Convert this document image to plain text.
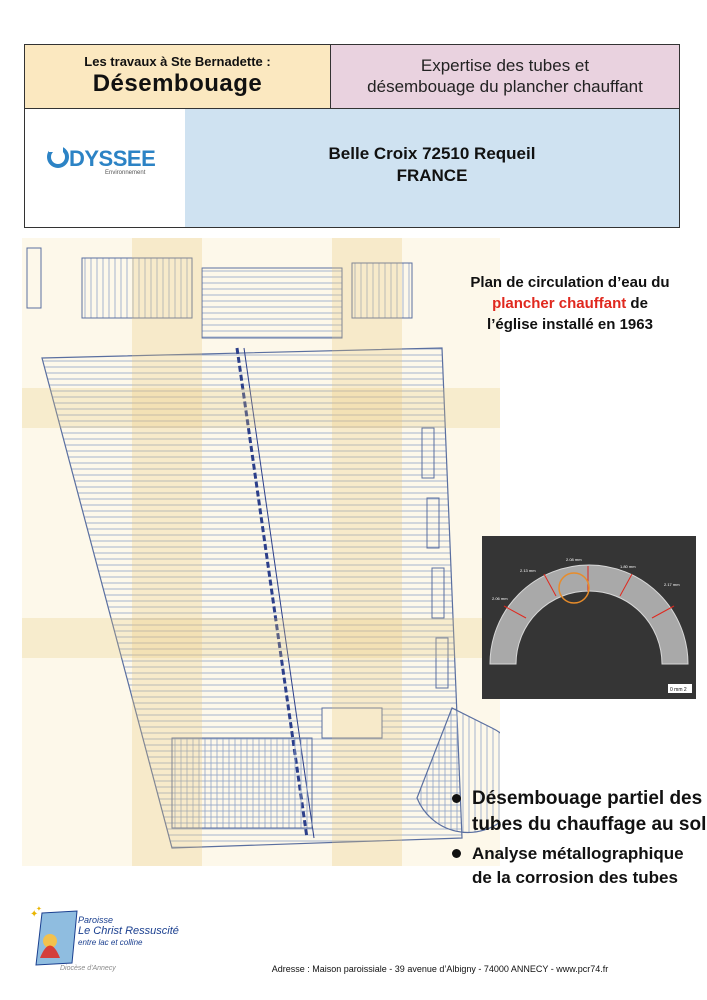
Les travaux à Ste Bernadette :
Désembouage
Expertise des tubes et
désembouage du plancher chauffant
DYSSEE
Environnement
Belle Croix 72510 Requeil
FRANCE
Plan de circulation d’eau du plancher chauffant de l’église installé en 1963
2.06 mm
2.13 mm
2.08 mm
1.80 mm
2.17 mm
0 mm 2
Désembouage partiel des tubes du chauffage au sol
Analyse métallographique de la corrosion des tubes
✦
✦
Paroisse
Le Christ Ressuscité
entre lac et colline
Diocèse d'Annecy	Adresse : Maison paroissiale - 39 avenue d’Albigny - 74000 ANNECY - www.pcr74.fr
